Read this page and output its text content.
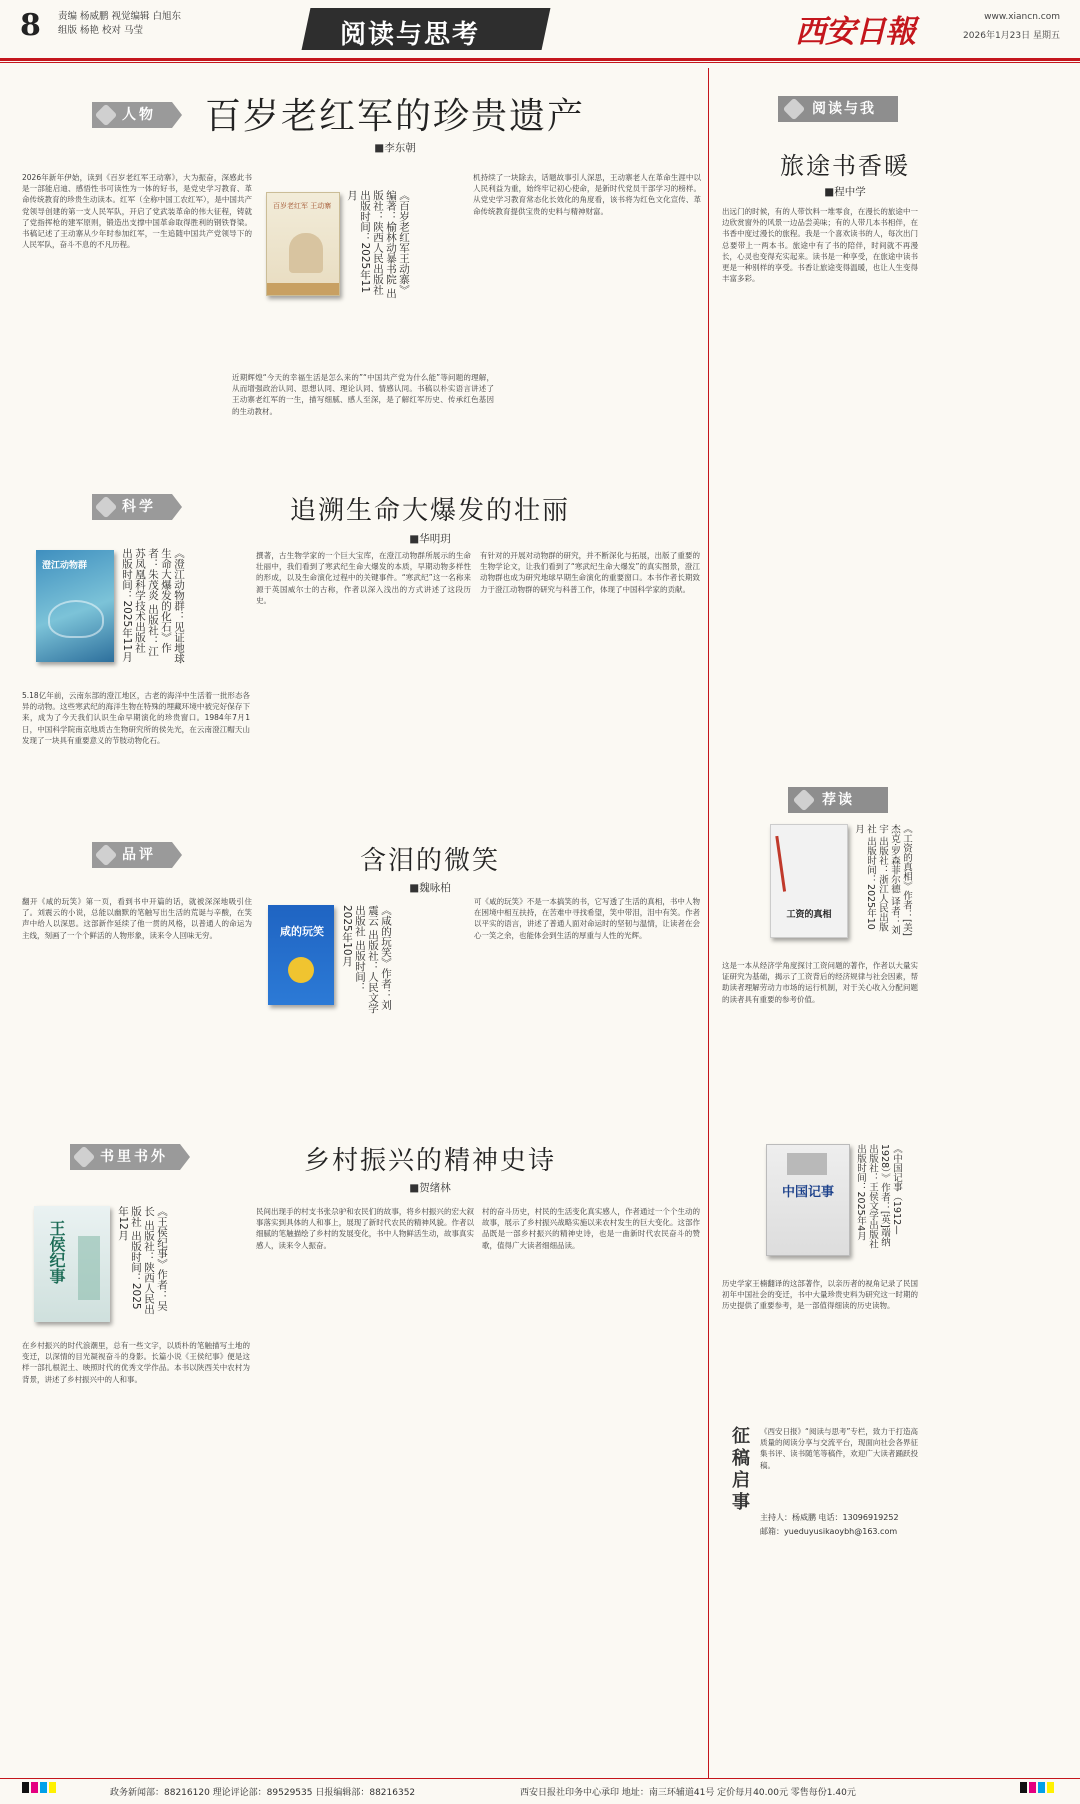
8	责编 杨威鹏 视觉编辑 白旭东
组版 杨艳 校对 马莹	阅读与思考	西安日報	www.xiancn.com
2026年1月23日 星期五
人物	百岁老红军的珍贵遗产
■李东朝
2026年新年伊始，读到《百岁老红军王动寨》，大为振奋，深感此书是一部能启迪、感悟性书可读性为一体的好书，是党史学习教育、革命传统教育的珍贵生动读本。红军（全称中国工农红军），是中国共产党领导创建的第一支人民军队，开启了党武装革命的伟大征程，铸就了党指挥枪的建军原则，锻造出支撑中国革命取得胜利的钢铁脊梁。书稿记述了王动寨从少年时参加红军，一生追随中国共产党领导下的人民军队，奋斗不息的不凡历程。
百岁老红军 王动寨	《百岁老红军王动寨》编著：榆林动暴书院 出版社：陕西人民出版社 出版时间：2025年11月
近期辉煌“今天的幸福生活是怎么来的”“中国共产党为什么能”等问题的理解，从而增强政治认同、思想认同、理论认同、情感认同。书稿以朴实语言讲述了王动寨老红军的一生，描写细腻、感人至深，是了解红军历史、传承红色基因的生动教材。
机持续了一块除去，话题故事引人深思，王动寨老人在革命生涯中以人民利益为重，始终牢记初心使命，是新时代党员干部学习的榜样。从党史学习教育常态化长效化的角度看，该书将为红色文化宣传、革命传统教育提供宝贵的史料与精神财富。
科学	追溯生命大爆发的壮丽
■华明玥
澄江动物群	《澄江动物群：见证地球生命大爆发的化石》作者：朱茂炎 出版社：江苏凤凰科学技术出版社 出版时间：2025年11月
5.18亿年前，云南东部的澄江地区，古老的海洋中生活着一批形态各异的动物。这些寒武纪的海洋生物在特殊的埋藏环境中被完好保存下来，成为了今天我们认识生命早期演化的珍贵窗口。1984年7月1日，中国科学院南京地质古生物研究所的侯先光，在云南澄江帽天山发现了一块具有重要意义的节肢动物化石。
撰著，古生物学家的一个巨大宝库，在澄江动物群所展示的生命壮丽中，我们看到了寒武纪生命大爆发的本质，早期动物多样性的形成，以及生命演化过程中的关键事件。“寒武纪”这一名称来源于英国威尔士的古称，作者以深入浅出的方式讲述了这段历史。
有针对的开展对动物群的研究，并不断深化与拓展，出版了重要的生物学论文，让我们看到了“寒武纪生命大爆发”的真实图景，澄江动物群也成为研究地球早期生命演化的重要窗口。本书作者长期致力于澄江动物群的研究与科普工作，体现了中国科学家的贡献。
品评	含泪的微笑
■魏咏柏
翻开《咸的玩笑》第一页，看到书中开篇的话，就被深深地吸引住了。刘震云的小说，总能以幽默的笔触写出生活的荒诞与辛酸，在笑声中给人以深思。这部新作延续了他一贯的风格，以普通人的命运为主线，刻画了一个个鲜活的人物形象，读来令人回味无穷。	咸的玩笑	《咸的玩笑》作者：刘震云 出版社：人民文学出版社 出版时间：2025年10月
可《咸的玩笑》不是一本搞笑的书，它写透了生活的真相，书中人物在困境中相互扶持，在苦难中寻找希望，笑中带泪，泪中有笑。作者以平实的语言，讲述了普通人面对命运时的坚韧与温情，让读者在会心一笑之余，也能体会到生活的厚重与人性的光辉。
书里书外	乡村振兴的精神史诗
■贺绪林
王侯纪事	《王侯纪事》作者：吴长 出版社：陕西人民出版社 出版时间：2025年12月
在乡村振兴的时代浪潮里，总有一些文字，以质朴的笔触描写土地的变迁，以深情的目光凝视奋斗的身影。长篇小说《王侯纪事》便是这样一部扎根泥土、映照时代的优秀文学作品。本书以陕西关中农村为背景，讲述了乡村振兴中的人和事。
民间出现手的村支书张尕驴和农民们的故事，将乡村振兴的宏大叙事落实到具体的人和事上，展现了新时代农民的精神风貌。作者以细腻的笔触描绘了乡村的发展变化，书中人物鲜活生动，故事真实感人，读来令人振奋。
村的奋斗历史，村民的生活变化真实感人，作者通过一个个生动的故事，展示了乡村振兴战略实施以来农村发生的巨大变化。这部作品既是一部乡村振兴的精神史诗，也是一曲新时代农民奋斗的赞歌，值得广大读者细细品读。
阅读与我
旅途书香暖
■程中学
出远门的时候，有的人带饮料一堆零食，在漫长的旅途中一边欣赏窗外的风景一边品尝美味；有的人带几本书相伴，在书香中度过漫长的旅程。我是一个喜欢读书的人，每次出门总要带上一两本书。旅途中有了书的陪伴，时间就不再漫长，心灵也变得充实起来。读书是一种享受，在旅途中读书更是一种别样的享受。书香让旅途变得温暖，也让人生变得丰富多彩。
荐读
工资的真相	《工资的真相》作者：[美]杰克·罗森菲尔德 译者：刘宇 出版社：浙江人民出版社 出版时间：2025年10月
这是一本从经济学角度探讨工资问题的著作，作者以大量实证研究为基础，揭示了工资背后的经济规律与社会因素，帮助读者理解劳动力市场的运行机制，对于关心收入分配问题的读者具有重要的参考价值。
中国记事	《中国记事（1912—1928）》作者：[英]端纳 出版社：王侯文学出版社 出版时间：2025年4月
历史学家王楠翻译的这部著作，以亲历者的视角记录了民国初年中国社会的变迁，书中大量珍贵史料为研究这一时期的历史提供了重要参考，是一部值得细读的历史读物。
征稿启事 《西安日报》“阅读与思考”专栏，致力于打造高质量的阅读分享与交流平台，现面向社会各界征集书评、读书随笔等稿件，欢迎广大读者踊跃投稿。
主持人：杨威鹏 电话：13096919252
邮箱：yueduyusikaoybh@163.com
政务新闻部：88216120 理论评论部：89529535 日报编辑部：88216352	西安日报社印务中心承印 地址：南三环辅道41号 定价每月40.00元 零售每份1.40元
